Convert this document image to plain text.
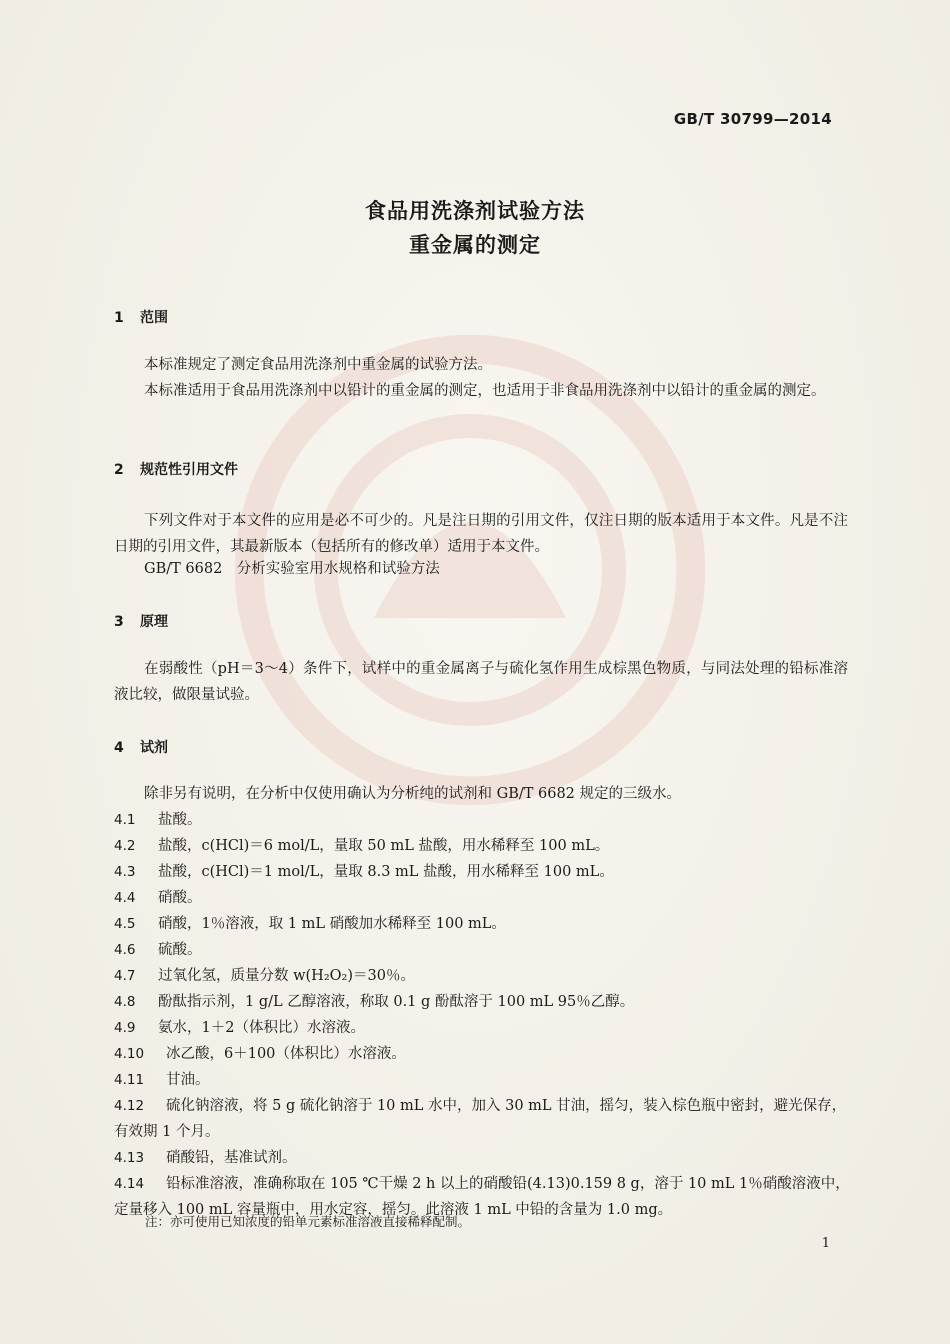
GB/T 30799—2014
食品用洗涤剂试验方法
重金属的测定
1 范围
本标准规定了测定食品用洗涤剂中重金属的试验方法。
本标准适用于食品用洗涤剂中以铅计的重金属的测定，也适用于非食品用洗涤剂中以铅计的重金属的测定。
2 规范性引用文件
下列文件对于本文件的应用是必不可少的。凡是注日期的引用文件，仅注日期的版本适用于本文件。凡是不注日期的引用文件，其最新版本（包括所有的修改单）适用于本文件。
GB/T 6682　分析实验室用水规格和试验方法
3 原理
在弱酸性（pH＝3～4）条件下，试样中的重金属离子与硫化氢作用生成棕黑色物质，与同法处理的铅标准溶液比较，做限量试验。
4 试剂
除非另有说明，在分析中仅使用确认为分析纯的试剂和 GB/T 6682 规定的三级水。
4.1 盐酸。
4.2 盐酸，c(HCl)＝6 mol/L，量取 50 mL 盐酸，用水稀释至 100 mL。
4.3 盐酸，c(HCl)＝1 mol/L，量取 8.3 mL 盐酸，用水稀释至 100 mL。
4.4 硝酸。
4.5 硝酸，1％溶液，取 1 mL 硝酸加水稀释至 100 mL。
4.6 硫酸。
4.7 过氧化氢，质量分数 w(H₂O₂)＝30％。
4.8 酚酞指示剂，1 g/L 乙醇溶液，称取 0.1 g 酚酞溶于 100 mL 95％乙醇。
4.9 氨水，1＋2（体积比）水溶液。
4.10 冰乙酸，6＋100（体积比）水溶液。
4.11 甘油。
4.12 硫化钠溶液，将 5 g 硫化钠溶于 10 mL 水中，加入 30 mL 甘油，摇匀，装入棕色瓶中密封，避光保存，有效期 1 个月。
4.13 硝酸铅，基准试剂。
4.14 铅标准溶液，准确称取在 105 ℃干燥 2 h 以上的硝酸铅(4.13)0.159 8 g，溶于 10 mL 1％硝酸溶液中，定量移入 100 mL 容量瓶中，用水定容，摇匀。此溶液 1 mL 中铅的含量为 1.0 mg。
注：亦可使用已知浓度的铅单元素标准溶液直接稀释配制。
1
